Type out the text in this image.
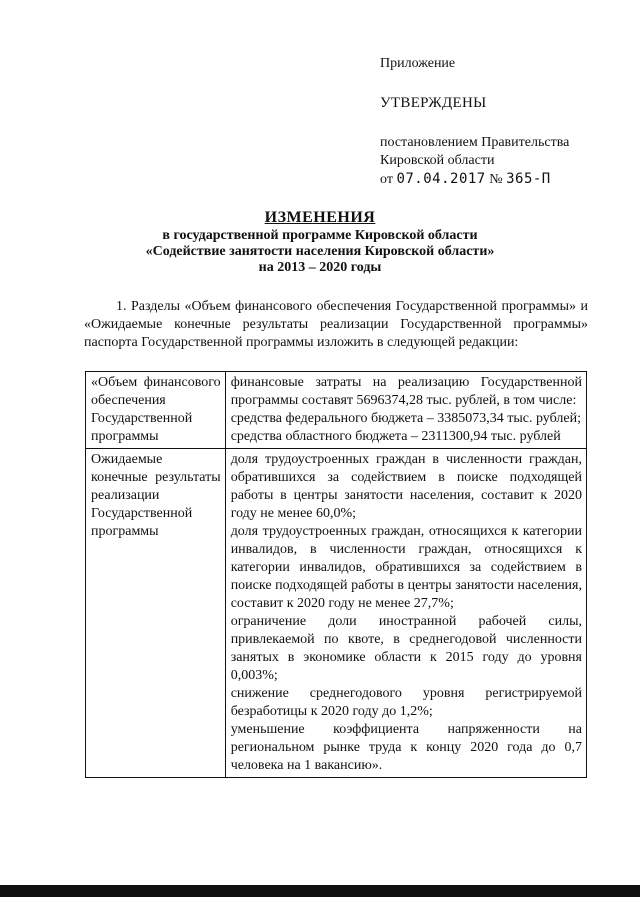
Приложение

УТВЕРЖДЕНЫ

постановлением Правительства

Кировской области

от 07.04.2017 № 365-П

ИЗМЕНЕНИЯ

в государственной программе Кировской области

«Содействие занятости населения Кировской области»

на 2013 – 2020 годы

1. Разделы «Объем финансового обеспечения Государственной программы» и «Ожидаемые конечные результаты реализации Государственной программы» паспорта Государственной программы изложить в следующей редакции:

«Объем финансового обеспечения Государственной программы	финансовые затраты на реализацию Государственной программы составят 5696374,28 тыс. рублей, в том числе:
средства федерального бюджета – 3385073,34 тыс. рублей;
средства областного бюджета – 2311300,94 тыс. рублей

Ожидаемые конечные результаты реализации Государственной программы	доля трудоустроенных граждан в численности граждан, обратившихся за содействием в поиске подходящей работы в центры занятости населения, составит к 2020 году не менее 60,0%;
доля трудоустроенных граждан, относящихся к категории инвалидов, в численности граждан, относящихся к категории инвалидов, обратившихся за содействием в поиске подходящей работы в центры занятости населения, составит к 2020 году не менее 27,7%;
ограничение доли иностранной рабочей силы, привлекаемой по квоте, в среднегодовой численности занятых в экономике области к 2015 году до уровня 0,003%;
снижение среднегодового уровня регистрируемой безработицы к 2020 году до 1,2%;
уменьшение коэффициента напряженности на региональном рынке труда к концу 2020 года до 0,7 человека на 1 вакансию».
